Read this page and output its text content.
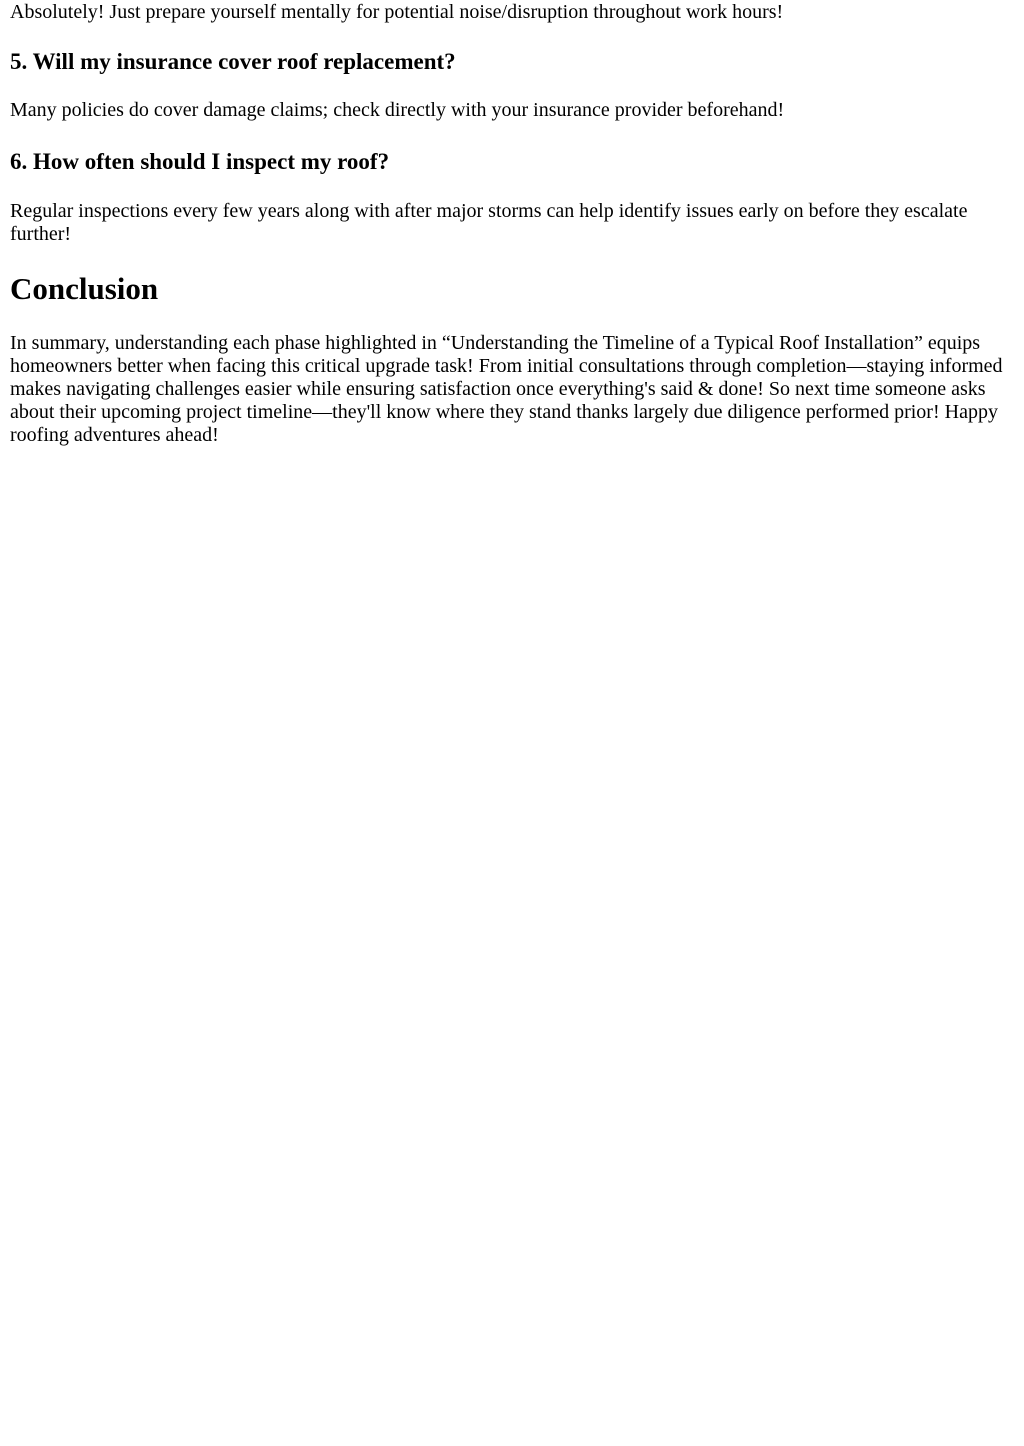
Absolutely! Just prepare yourself mentally for potential noise/disruption throughout work hours!

5. Will my insurance cover roof replacement?

Many policies do cover damage claims; check directly with your insurance provider beforehand!

6. How often should I inspect my roof?

Regular inspections every few years along with after major storms can help identify issues early on before they escalate further!

Conclusion

In summary, understanding each phase highlighted in “Understanding the Timeline of a Typical Roof Installation” equips homeowners better when facing this critical upgrade task! From initial consultations through completion—staying informed makes navigating challenges easier while ensuring satisfaction once everything's said & done! So next time someone asks about their upcoming project timeline—they'll know where they stand thanks largely due diligence performed prior! Happy roofing adventures ahead!
